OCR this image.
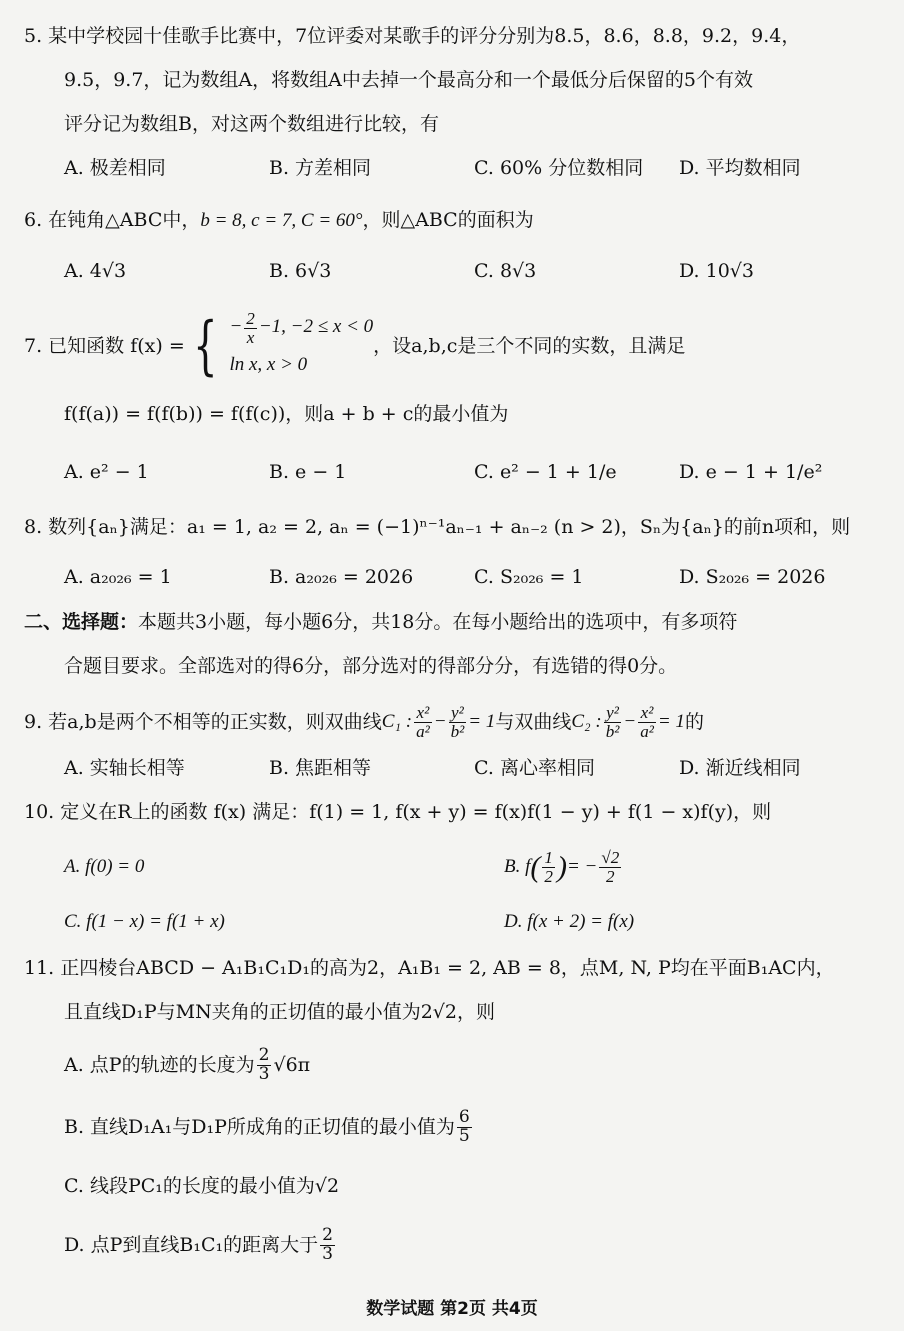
5. 某中学校园十佳歌手比赛中，7位评委对某歌手的评分分别为8.5，8.6，8.8，9.2，9.4，
9.5，9.7，记为数组A，将数组A中去掉一个最高分和一个最低分后保留的5个有效
评分记为数组B，对这两个数组进行比较，有
A. 极差相同	B. 方差相同	C. 60% 分位数相同	D. 平均数相同
6. 在钝角△ABC中，b = 8, c = 7, C = 60°，则△ABC的面积为
A. 4√3	B. 6√3	C. 8√3	D. 10√3
7. 已知函数 f(x) = { − $\frac{2}{x} -1$, −2 ≤ x < 0
ln x, x > 0
，设a,b,c是三个不同的实数，且满足
f(f(a)) = f(f(b)) = f(f(c))，则a + b + c的最小值为
A. e² − 1	B. e − 1	C. e² − 1 + 1/e	D. e − 1 + 1/e²
8. 数列{aₙ}满足：a₁ = 1, a₂ = 2, aₙ = (−1)ⁿ⁻¹aₙ₋₁ + aₙ₋₂ (n > 2)，Sₙ为{aₙ}的前n项和，则
A. a₂₀₂₆ = 1	B. a₂₀₂₆ = 2026	C. S₂₀₂₆ = 1	D. S₂₀₂₆ = 2026
二、选择题：本题共3小题，每小题6分，共18分。在每小题给出的选项中，有多项符
合题目要求。全部选对的得6分，部分选对的得部分分，有选错的得0分。
9. 若a,b是两个不相等的正实数，则双曲线 C₁ : $\frac{\text{x²}}{\text{a²}} - \frac{\text{y²}}{\text{b²}} = 1$ 与双曲线 C₂ : $\frac{\text{y²}}{\text{b²}} - \frac{\text{x²}}{\text{a²}} = 1$ 的
A. 实轴长相等	B. 焦距相等	C. 离心率相同	D. 渐近线相同
10. 定义在R上的函数 f(x) 满足：f(1) = 1, f(x + y) = f(x)f(1 − y) + f(1 − x)f(y)，则
A. f(0) = 0	B. $f( \frac{1}{2}$ )= − $\frac{√2}{2}$
C. f(1 − x) = f(1 + x)	D. f(x + 2) = f(x)
11. 正四棱台ABCD − A₁B₁C₁D₁的高为2，A₁B₁ = 2, AB = 8，点M, N, P均在平面B₁AC内，
且直线D₁P与MN夹角的正切值的最小值为2√2，则
A. 点P的轨迹的长度为 $\frac{2}{3} √6\pi$
B. 直线D₁A₁与D₁P所成角的正切值的最小值为 $\frac{6}{5}$
C. 线段PC₁的长度的最小值为√2
D. 点P到直线B₁C₁的距离大于 $\frac{2}{3}$
数学试题 第2页 共4页
